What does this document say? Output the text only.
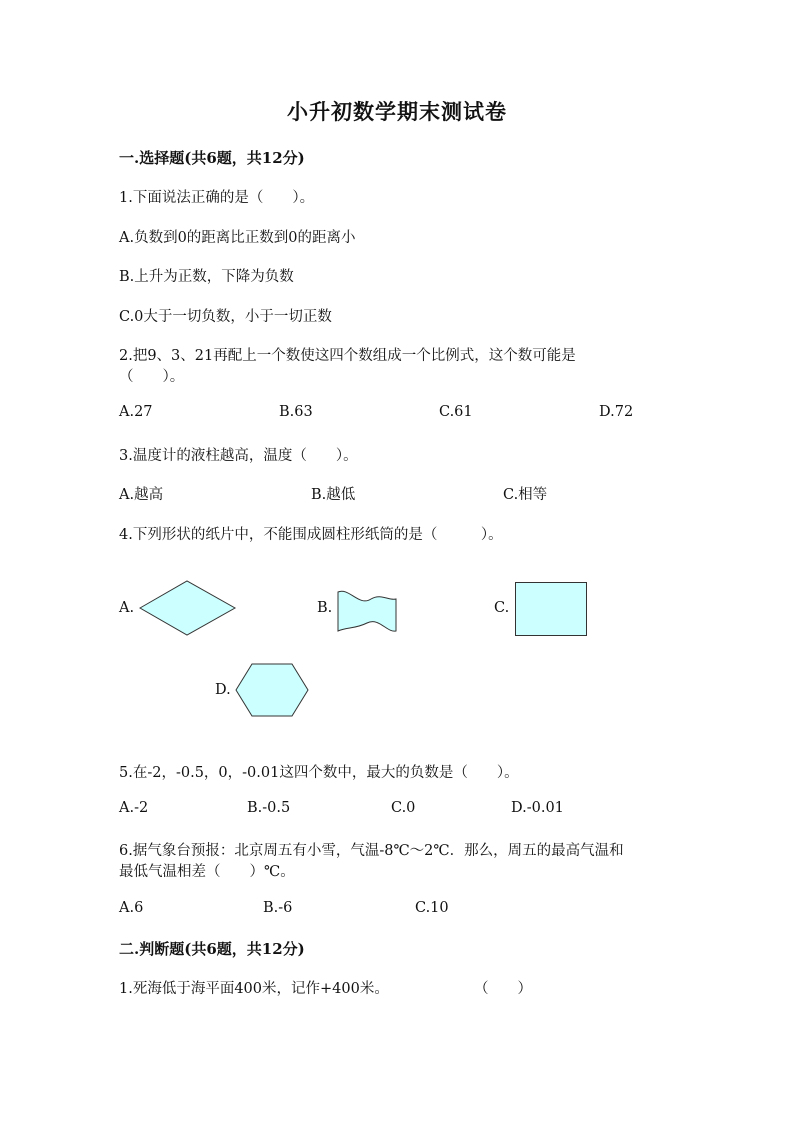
小升初数学期末测试卷
一.选择题(共6题，共12分)
1.下面说法正确的是（　　）。
A.负数到0的距离比正数到0的距离小
B.上升为正数，下降为负数
C.0大于一切负数，小于一切正数
2.把9、3、21再配上一个数使这四个数组成一个比例式，这个数可能是
（　　）。
A.27	B.63	C.61	D.72
3.温度计的液柱越高，温度（　　）。
A.越高	B.越低	C.相等
4.下列形状的纸片中，不能围成圆柱形纸筒的是（　　　）。
A.	B.	C.
D.
5.在-2，-0.5，0，-0.01这四个数中，最大的负数是（　　）。
A.-2	B.-0.5	C.0	D.-0.01
6.据气象台预报：北京周五有小雪，气温-8℃～2℃．那么，周五的最高气温和
最低气温相差（　　）℃。
A.6	B.-6	C.10
二.判断题(共6题，共12分)
1.死海低于海平面400米，记作+400米。	（　　）
